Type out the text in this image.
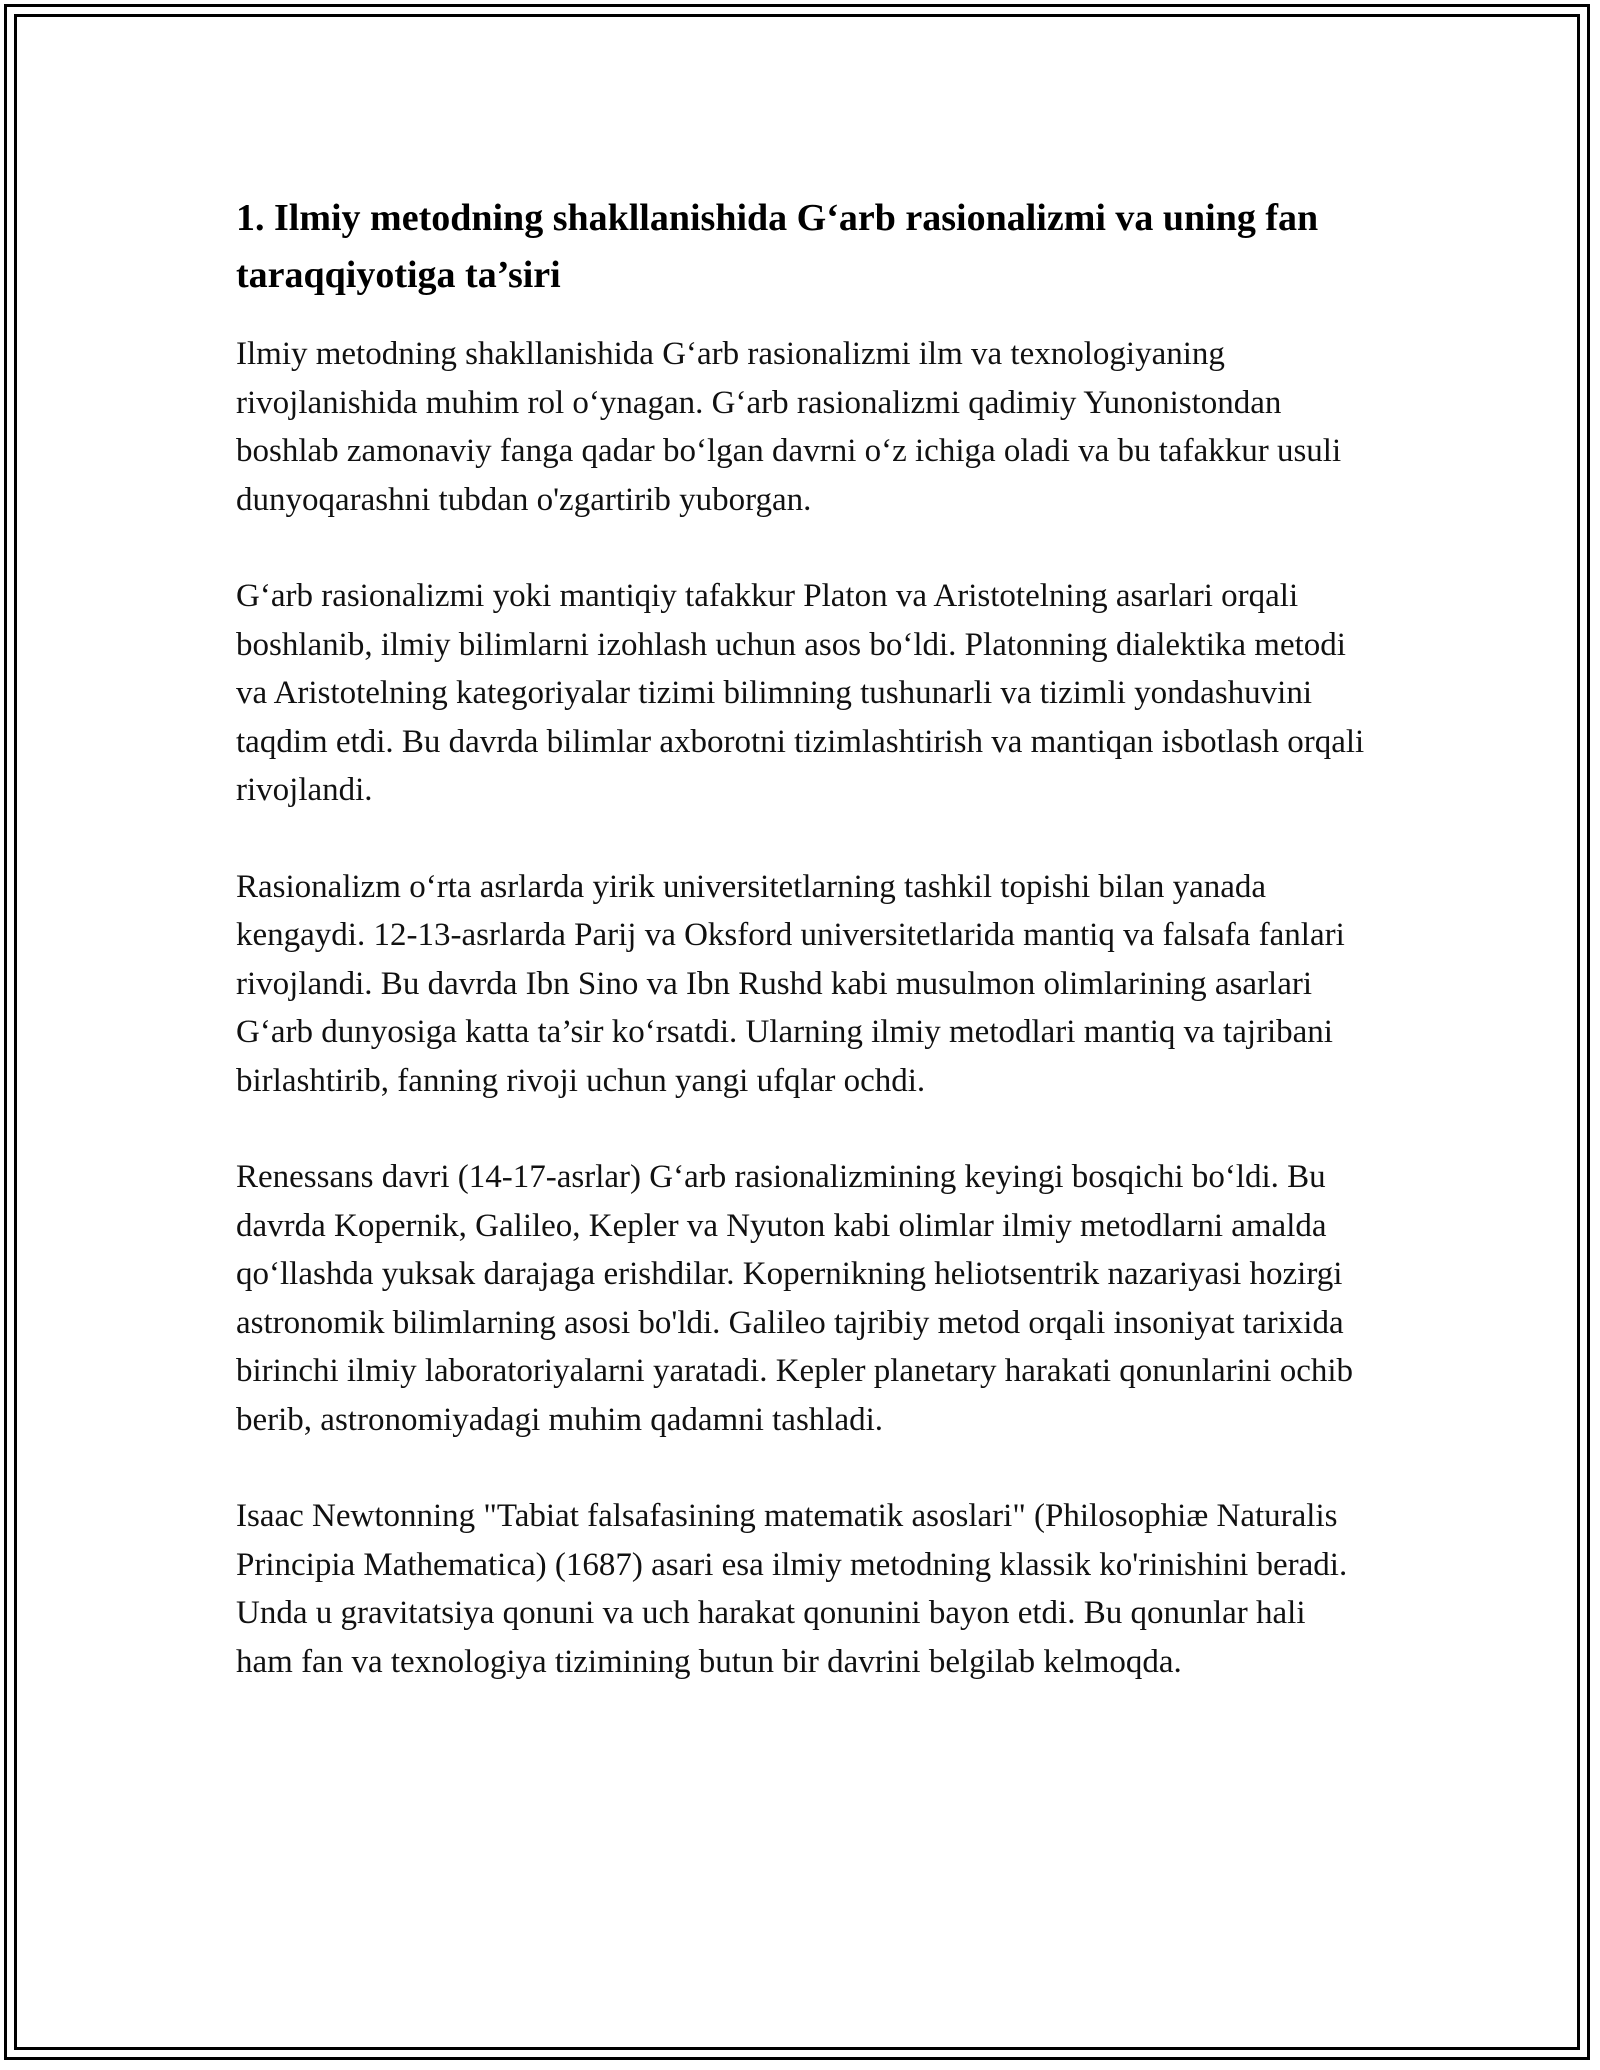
1. Ilmiy metodning shakllanishida G‘arb rasionalizmi va uning fan taraqqiyotiga ta’siri

Ilmiy metodning shakllanishida G‘arb rasionalizmi ilm va texnologiyaning rivojlanishida muhim rol o‘ynagan. G‘arb rasionalizmi qadimiy Yunonistondan boshlab zamonaviy fanga qadar bo‘lgan davrni o‘z ichiga oladi va bu tafakkur usuli dunyoqarashni tubdan o'zgartirib yuborgan.

G‘arb rasionalizmi yoki mantiqiy tafakkur Platon va Aristotelning asarlari orqali boshlanib, ilmiy bilimlarni izohlash uchun asos bo‘ldi. Platonning dialektika metodi va Aristotelning kategoriyalar tizimi bilimning tushunarli va tizimli yondashuvini taqdim etdi. Bu davrda bilimlar axborotni tizimlashtirish va mantiqan isbotlash orqali rivojlandi.

Rasionalizm o‘rta asrlarda yirik universitetlarning tashkil topishi bilan yanada kengaydi. 12-13-asrlarda Parij va Oksford universitetlarida mantiq va falsafa fanlari rivojlandi. Bu davrda Ibn Sino va Ibn Rushd kabi musulmon olimlarining asarlari G‘arb dunyosiga katta ta’sir ko‘rsatdi. Ularning ilmiy metodlari mantiq va tajribani birlashtirib, fanning rivoji uchun yangi ufqlar ochdi.

Renessans davri (14-17-asrlar) G‘arb rasionalizmining keyingi bosqichi bo‘ldi. Bu davrda Kopernik, Galileo, Kepler va Nyuton kabi olimlar ilmiy metodlarni amalda qo‘llashda yuksak darajaga erishdilar. Kopernikning heliotsentrik nazariyasi hozirgi astronomik bilimlarning asosi bo'ldi. Galileo tajribiy metod orqali insoniyat tarixida birinchi ilmiy laboratoriyalarni yaratadi. Kepler planetary harakati qonunlarini ochib berib, astronomiyadagi muhim qadamni tashladi.

Isaac Newtonning "Tabiat falsafasining matematik asoslari" (Philosophiæ Naturalis Principia Mathematica) (1687) asari esa ilmiy metodning klassik ko'rinishini beradi. Unda u gravitatsiya qonuni va uch harakat qonunini bayon etdi. Bu qonunlar hali ham fan va texnologiya tizimining butun bir davrini belgilab kelmoqda.
